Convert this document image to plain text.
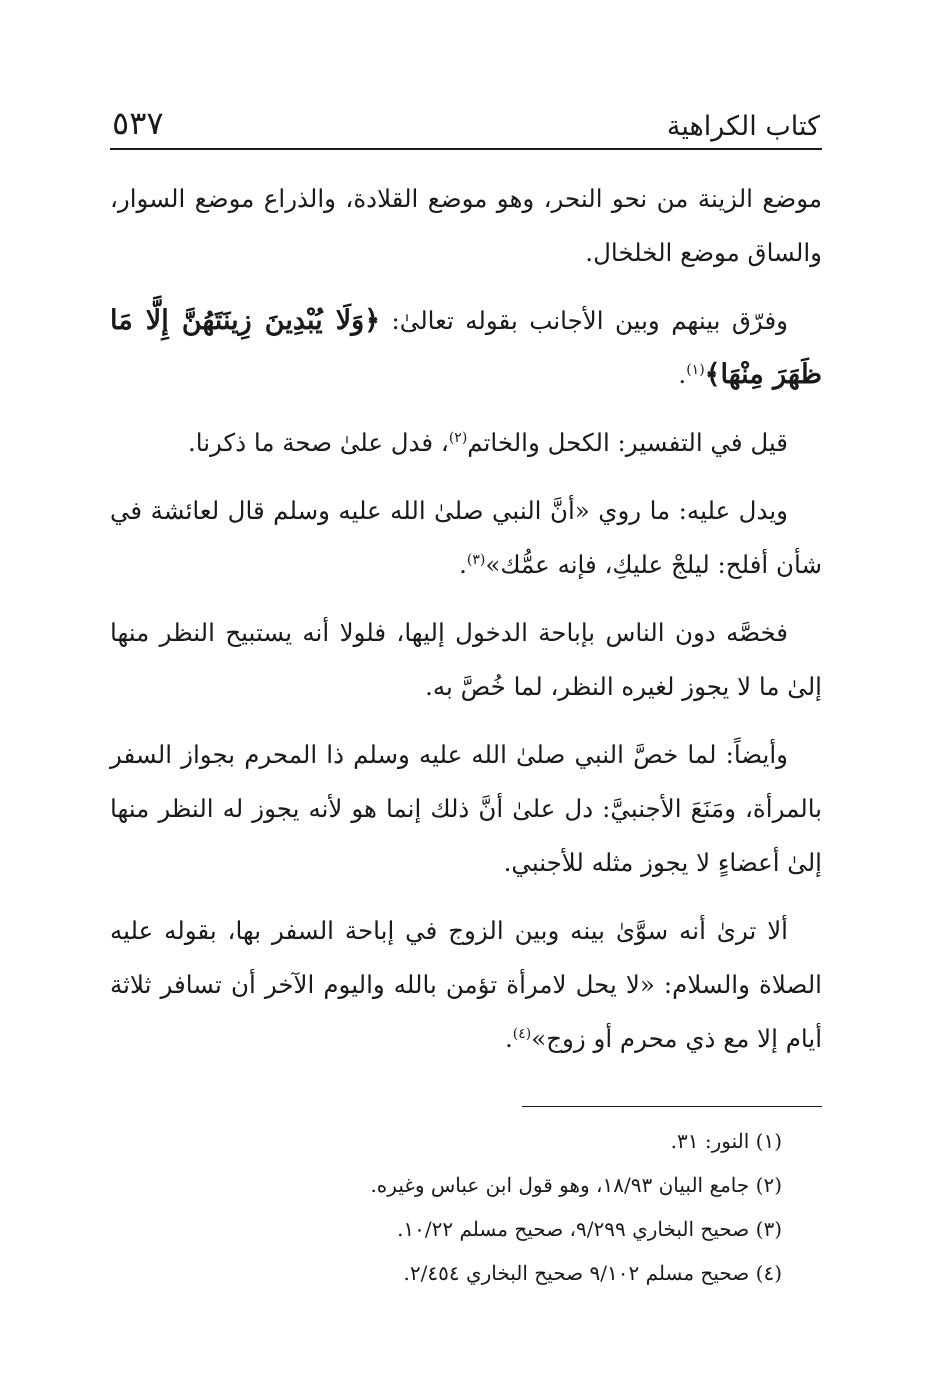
كتاب الكراهية
٥٣٧

موضع الزينة من نحو النحر، وهو موضع القلادة، والذراع موضع السوار، والساق موضع الخلخال.

وفرّق بينهم وبين الأجانب بقوله تعالىٰ: ﴿وَلَا يُبْدِينَ زِينَتَهُنَّ إِلَّا مَا ظَهَرَ مِنْهَا﴾$^{(١)}$.

قيل في التفسير: الكحل والخاتم$^{(٢)}$، فدل علىٰ صحة ما ذكرنا.

ويدل عليه: ما روي «أنَّ النبي صلىٰ الله عليه وسلم قال لعائشة في شأن أفلح: ليلجْ عليكِ، فإنه عمُّك»$^{(٣)}$.

فخصَّه دون الناس بإباحة الدخول إليها، فلولا أنه يستبيح النظر منها إلىٰ ما لا يجوز لغيره النظر، لما خُصَّ به.

وأيضاً: لما خصَّ النبي صلىٰ الله عليه وسلم ذا المحرم بجواز السفر بالمرأة، ومَنَعَ الأجنبيَّ: دل علىٰ أنَّ ذلك إنما هو لأنه يجوز له النظر منها إلىٰ أعضاءٍ لا يجوز مثله للأجنبي.

ألا ترىٰ أنه سوَّىٰ بينه وبين الزوج في إباحة السفر بها، بقوله عليه الصلاة والسلام: «لا يحل لامرأة تؤمن بالله واليوم الآخر أن تسافر ثلاثة أيام إلا مع ذي محرم أو زوج»$^{(٤)}$.

(١) النور: ٣١.
(٢) جامع البيان ١٨/٩٣، وهو قول ابن عباس وغيره.
(٣) صحيح البخاري ٩/٢٩٩، صحيح مسلم ١٠/٢٢.
(٤) صحيح مسلم ٩/١٠٢ صحيح البخاري ٢/٤٥٤.
